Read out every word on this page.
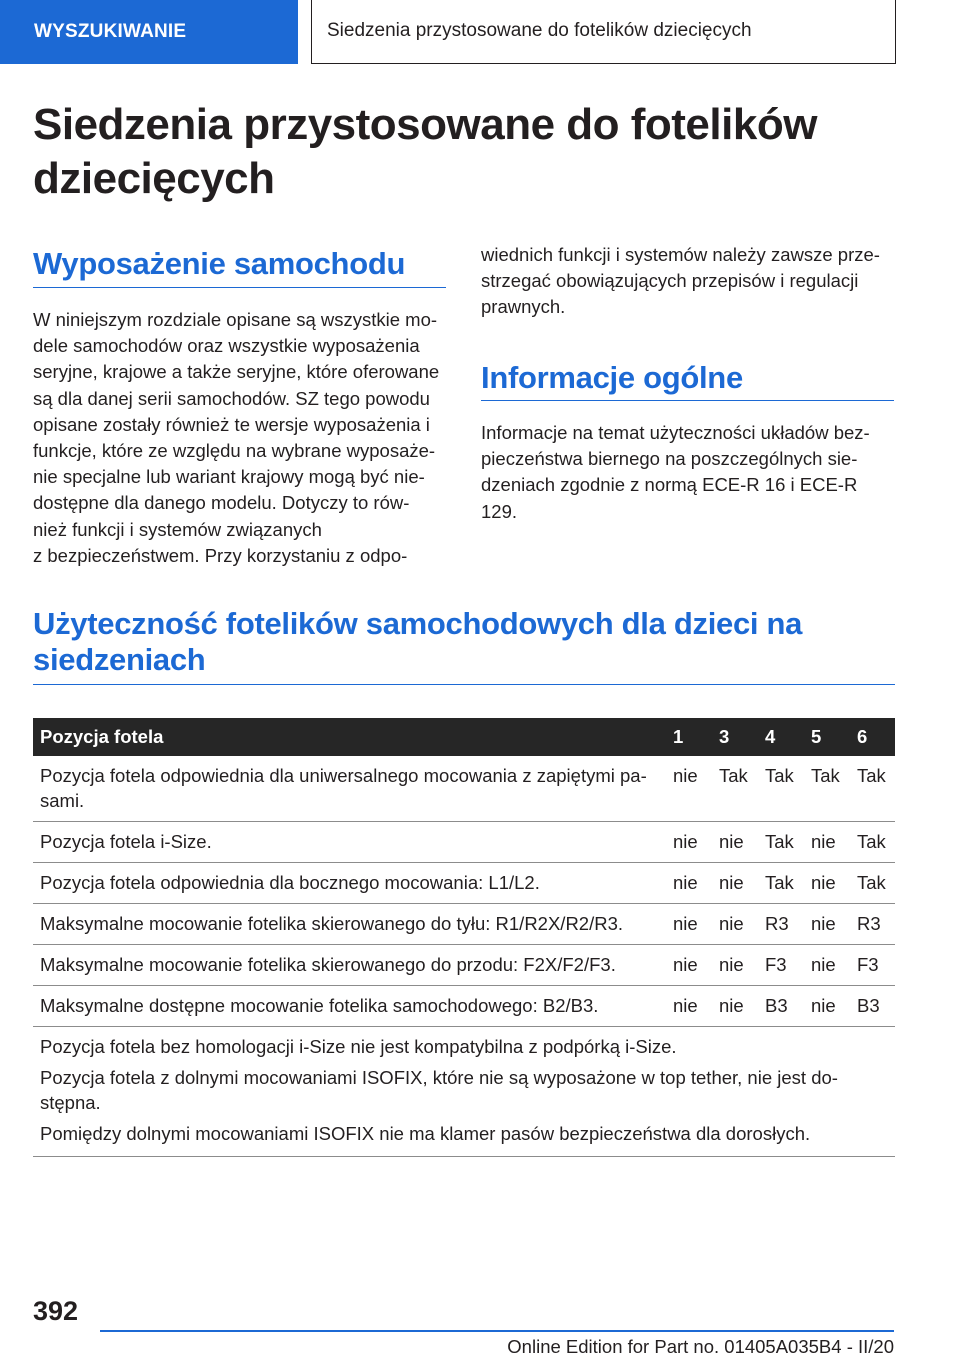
WYSZUKIWANIE	Siedzenia przystosowane do fotelików dziecięcych
Siedzenia przystosowane do fotelików
dziecięcych
Wyposażenie samochodu

W niniejszym rozdziale opisane są wszystkie mo-
dele samochodów oraz wszystkie wyposażenia
seryjne, krajowe a także seryjne, które oferowane
są dla danej serii samochodów. SZ tego powodu
opisane zostały również te wersje wyposażenia i
funkcje, które ze względu na wybrane wyposaże-
nie specjalne lub wariant krajowy mogą być nie-
dostępne dla danego modelu. Dotyczy to rów-
nież funkcji i systemów związanych
z bezpieczeństwem. Przy korzystaniu z odpo-

wiednich funkcji i systemów należy zawsze prze-
strzegać obowiązujących przepisów i regulacji
prawnych.

Informacje ogólne

Informacje na temat użyteczności układów bez-
pieczeństwa biernego na poszczególnych sie-
dzeniach zgodnie z normą ECE-R 16 i ECE-R
129.

Użyteczność fotelików samochodowych dla dzieci na
siedzeniach
Pozycja fotela	1	3	4	5	6
Pozycja fotela odpowiednia dla uniwersalnego mocowania z zapiętymi pa-
sami.	nie	Tak	Tak	Tak	Tak
Pozycja fotela i-Size.	nie	nie	Tak	nie	Tak
Pozycja fotela odpowiednia dla bocznego mocowania: L1/L2.	nie	nie	Tak	nie	Tak
Maksymalne mocowanie fotelika skierowanego do tyłu: R1/R2X/R2/R3.	nie	nie	R3	nie	R3
Maksymalne mocowanie fotelika skierowanego do przodu: F2X/F2/F3.	nie	nie	F3	nie	F3
Maksymalne dostępne mocowanie fotelika samochodowego: B2/B3.	nie	nie	B3	nie	B3

Pozycja fotela bez homologacji i-Size nie jest kompatybilna z podpórką i-Size.

Pozycja fotela z dolnymi mocowaniami ISOFIX, które nie są wyposażone w top tether, nie jest do-
stępna.

Pomiędzy dolnymi mocowaniami ISOFIX nie ma klamer pasów bezpieczeństwa dla dorosłych.					

392
Online Edition for Part no. 01405A035B4 - II/20
